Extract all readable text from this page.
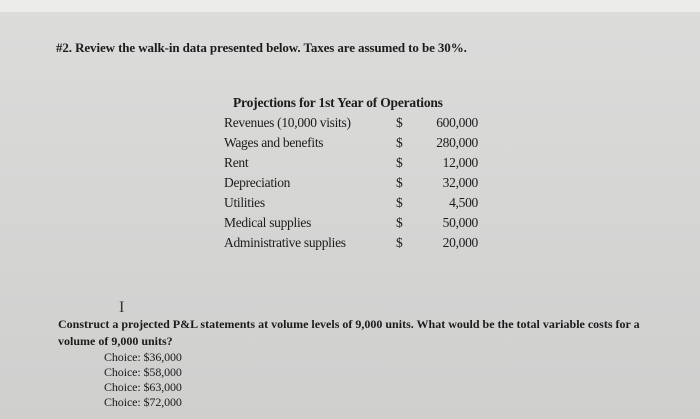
#2. Review the walk-in data presented below. Taxes are assumed to be 30%.
Projections for 1st Year of Operations
Revenues (10,000 visits)	$	600,000
Wages and benefits	$	280,000
Rent	$	12,000
Depreciation	$	32,000
Utilities	$	4,500
Medical supplies	$	50,000
Administrative supplies	$	20,000
I
Construct a projected P&L statements at volume levels of 9,000 units. What would be the total variable costs for a volume of 9,000 units?
Choice: $36,000
Choice: $58,000
Choice: $63,000
Choice: $72,000
